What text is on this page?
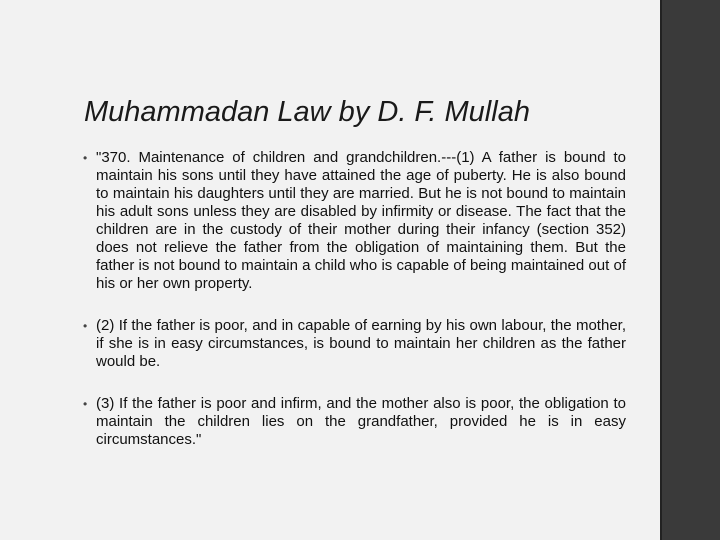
Muhammadan Law by D. F. Mullah
• "370. Maintenance of children and grandchildren.---(1) A father is bound to maintain his sons until they have attained the age of puberty. He is also bound to maintain his daughters until they are married. But he is not bound to maintain his adult sons unless they are disabled by infirmity or disease. The fact that the children are in the custody of their mother during their infancy (section 352) does not relieve the father from the obligation of maintaining them. But the father is not bound to maintain a child who is capable of being maintained out of his or her own property.
• (2) If the father is poor, and in capable of earning by his own labour, the mother, if she is in easy circumstances, is bound to maintain her children as the father would be.
• (3) If the father is poor and infirm, and the mother also is poor, the obligation to maintain the children lies on the grandfather, provided he is in easy circumstances."
